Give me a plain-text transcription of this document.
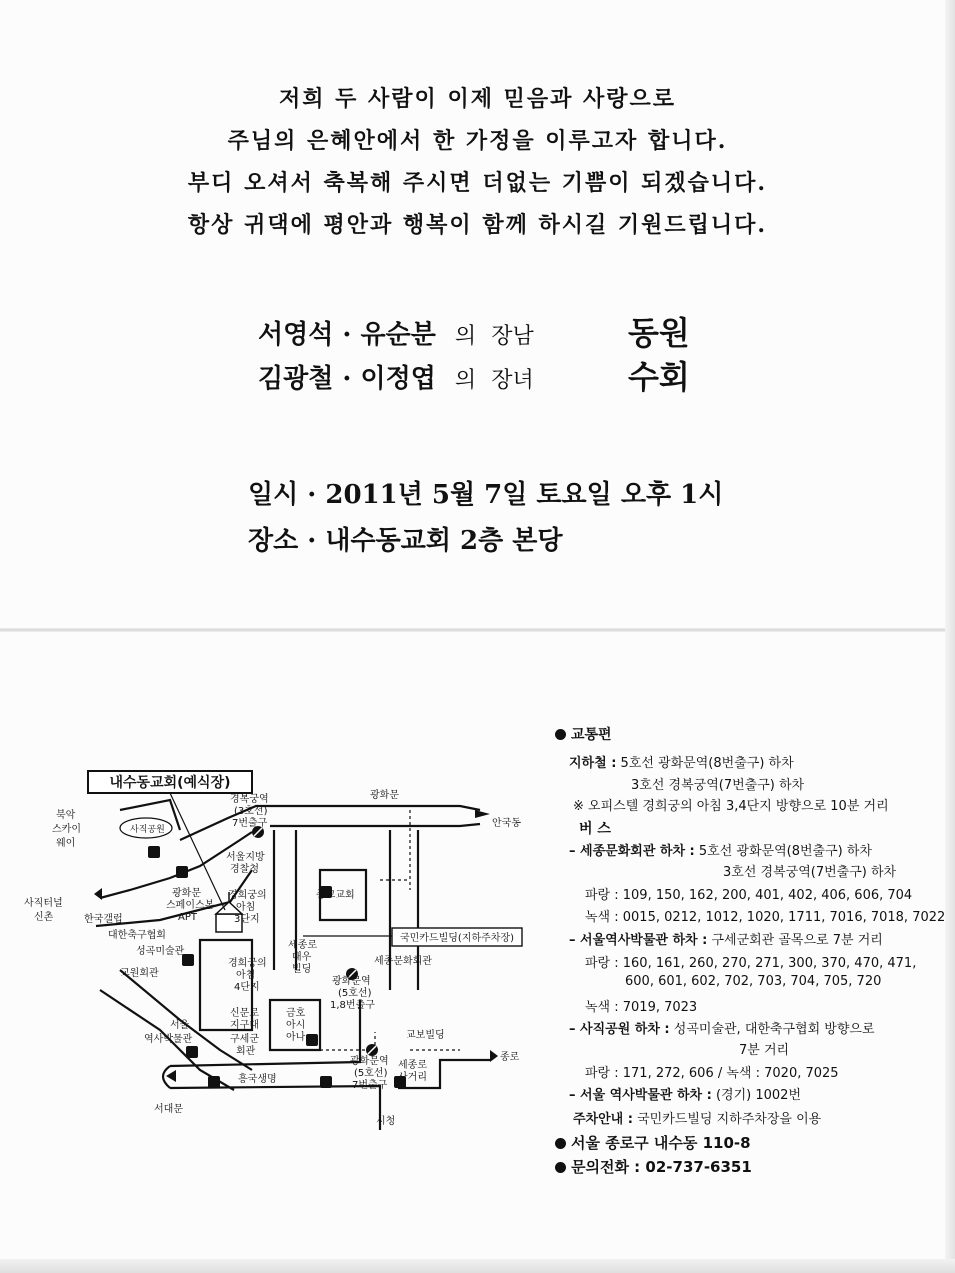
저희 두 사람이 이제 믿음과 사랑으로
주님의 은혜안에서 한 가정을 이루고자 합니다.
부디 오셔서 축복해 주시면 더없는 기쁨이 되겠습니다.
항상 귀댁에 평안과 행복이 함께 하시길 기원드립니다.
서영석 · 유순분 의 장남	동원
김광철 · 이정엽 의 장녀	수회
일시 · 2011년 5월 7일 토요일 오후 1시
장소 · 내수동교회 2층 본당
내수동교회(예식장)
국민카드빌딩(지하주차장)
광화문
안국동
종로
시청
서대문
북악
스카이
웨이
사직공원
사직터널
신촌	한국갤럽
대한축구협회
성곡미술관
교원회관
서울
역사박물관
경복궁역
(3호선)
7번출구
서울지방
경찰청
광화문
스페이스본
APT
경희궁의
아침
3단지
경희궁의
아침
4단지
종교교회
세종로
대우
빌딩
세종문화회관
신문로
지구대
금호
아시
아나
광화문역
(5호선)
1,8번출구
구세군
회관
교보빌딩
광화문역
(5호선)
7번출구
세종로
사거리
흥국생명
교통편
지하철 : 5호선 광화문역(8번출구) 하차
3호선 경복궁역(7번출구) 하차
※ 오피스텔 경희궁의 아침 3,4단지 방향으로 10분 거리
버 스
– 세종문화회관 하차 : 5호선 광화문역(8번출구) 하차
3호선 경복궁역(7번출구) 하차
파랑 : 109, 150, 162, 200, 401, 402, 406, 606, 704
녹색 : 0015, 0212, 1012, 1020, 1711, 7016, 7018, 7022
– 서울역사박물관 하차 : 구세군회관 골목으로 7분 거리
파랑 : 160, 161, 260, 270, 271, 300, 370, 470, 471,
600, 601, 602, 702, 703, 704, 705, 720
녹색 : 7019, 7023
– 사직공원 하차 : 성곡미술관, 대한축구협회 방향으로
7분 거리
파랑 : 171, 272, 606 / 녹색 : 7020, 7025
– 서울 역사박물관 하차 : (경기) 1002번
주차안내 : 국민카드빌딩 지하주차장을 이용
서울 종로구 내수동 110-8
문의전화 : 02-737-6351
